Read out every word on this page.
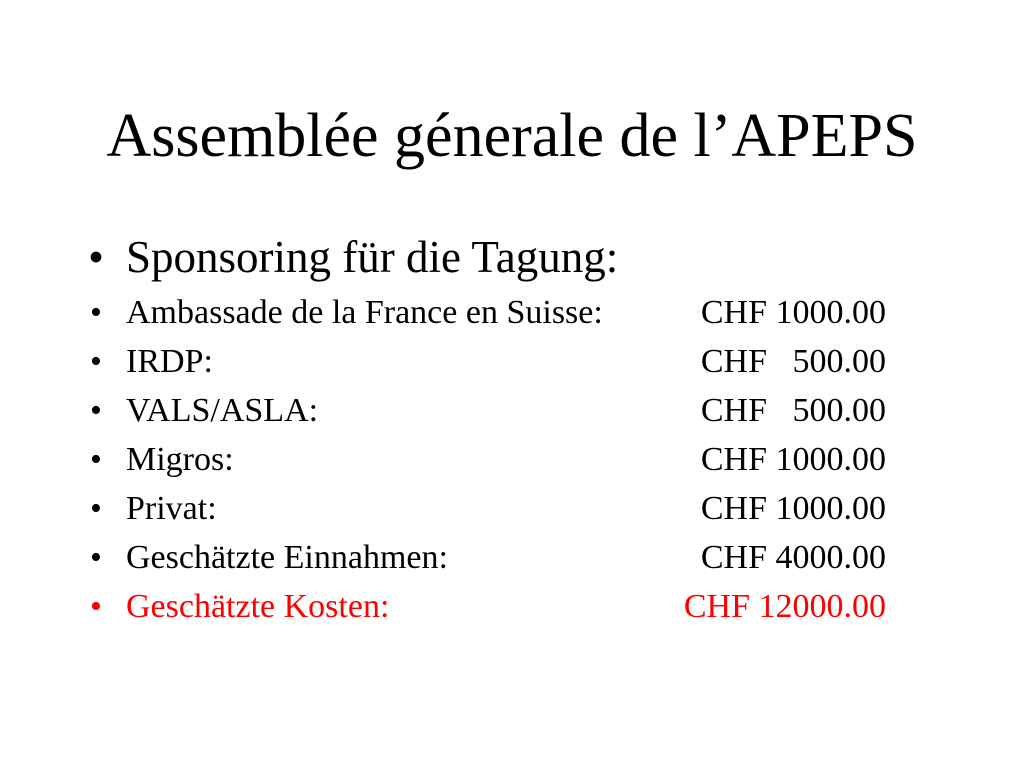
Assemblée génerale de l’APEPS
• Sponsoring für die Tagung:
• Ambassade de la France en Suisse:	CHF 1000.00
• IRDP:	CHF   500.00
• VALS/ASLA:	CHF   500.00
• Migros:	CHF 1000.00
• Privat:	CHF 1000.00
• Geschätzte Einnahmen:	CHF 4000.00
• Geschätzte Kosten:	CHF 12000.00
